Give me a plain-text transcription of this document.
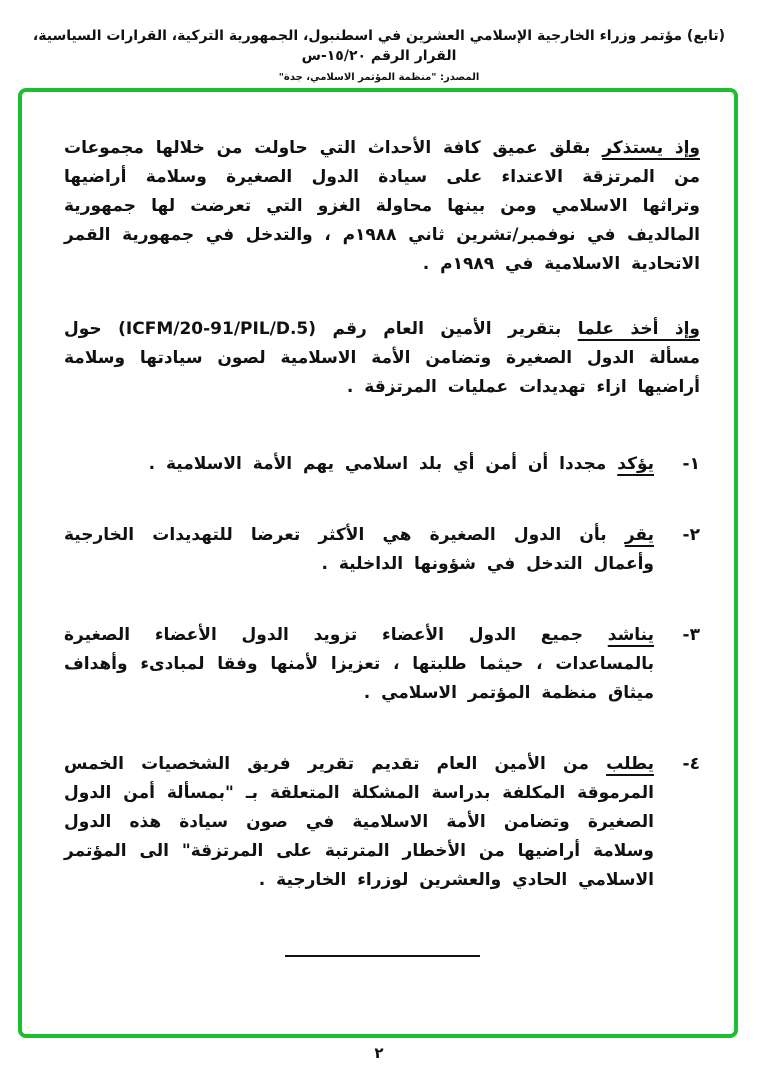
(تابع) مؤتمر وزراء الخارجية الإسلامي العشرين في اسطنبول، الجمهورية التركية، القرارات السياسية، القرار الرقم ١٥/٢٠-س
المصدر: "منظمة المؤتمر الاسلامي، جدة"

وإذ يستذكر بقلق عميق كافة الأحداث التي حاولت من خلالها مجموعات من المرتزقة الاعتداء على سيادة الدول الصغيرة وسلامة أراضيها وتراثها الاسلامي ومن بينها محاولة الغزو التي تعرضت لها جمهورية المالديف في نوفمبر/تشرين ثاني ١٩٨٨م ، والتدخل في جمهورية القمر الاتحادية الاسلامية في ١٩٨٩م .

وإذ أخذ علما بتقرير الأمين العام رقم (ICFM/20-91/PIL/D.5) حول مسألة الدول الصغيرة وتضامن الأمة الاسلامية لصون سيادتها وسلامة أراضيها ازاء تهديدات عمليات المرتزقة .

١-

يؤكد مجددا أن أمن أي بلد اسلامي يهم الأمة الاسلامية .

٢-

يقر بأن الدول الصغيرة هي الأكثر تعرضا للتهديدات الخارجية وأعمال التدخل في شؤونها الداخلية .

٣-

يناشد جميع الدول الأعضاء تزويد الدول الأعضاء الصغيرة بالمساعدات ، حيثما طلبتها ، تعزيزا لأمنها وفقا لمبادىء وأهداف ميثاق منظمة المؤتمر الاسلامي .

٤-

يطلب من الأمين العام تقديم تقرير فريق الشخصيات الخمس المرموقة المكلفة بدراسة المشكلة المتعلقة بـ "بمسألة أمن الدول الصغيرة وتضامن الأمة الاسلامية في صون سيادة هذه الدول وسلامة أراضيها من الأخطار المترتبة على المرتزقة" الى المؤتمر الاسلامي الحادي والعشرين لوزراء الخارجية .

٢
